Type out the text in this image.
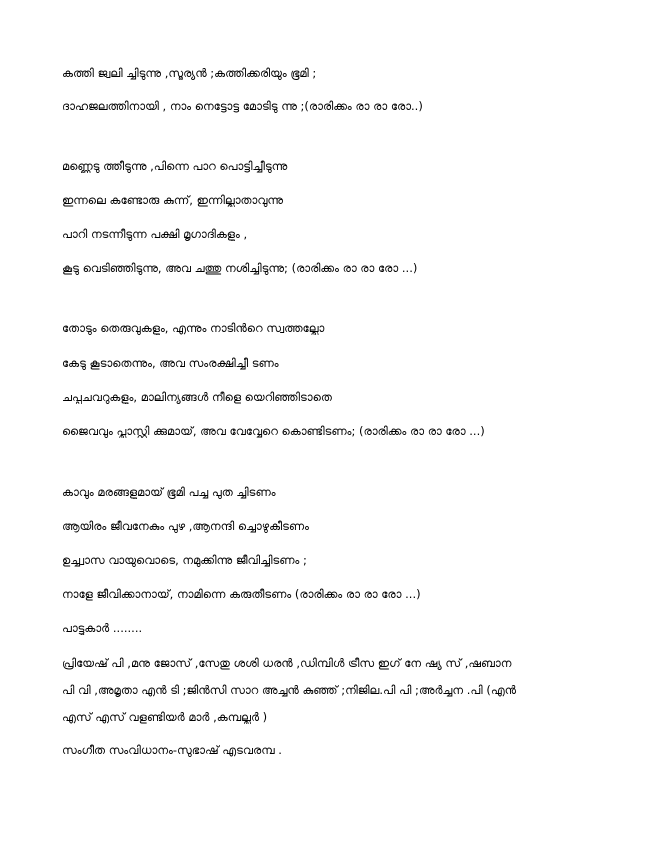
കത്തി ജ്വലി ച്ചിടുന്നു ,സൂര്യൻ ;കത്തിക്കരിയും ഭൂമി ;
ദാഹജലത്തിനായി , നാം നെട്ടോട്ട മോടിടു ന്നു ;(രാരിക്കം രാ രാ രോ..)
മണ്ണെടു ത്തീടുന്നു ,പിന്നെ പാറ പൊട്ടിച്ചീടുന്നു
ഇന്നലെ കണ്ടോരു കുന്ന്, ഇന്നില്ലാതാവുന്നു
പാറി നടന്നീടുന്ന പക്ഷി മൃഗാദികളും ,
കൂടു വെടിഞ്ഞിടുന്നു, അവ ചത്തു നശിച്ചിടുന്നു; (രാരിക്കം രാ രാ രോ ...)
തോടും തെരുവുകളും, എന്നും നാടിൻറെ സ്വത്തല്ലോ
കേടു കൂടാതെന്നും, അവ സംരക്ഷിച്ചീ ടണം
ചപ്പുചവറുകളും, മാലിന്യങ്ങൾ നീളെ യെറിഞ്ഞിടാതെ
ജൈവവും പ്ലാസ്റ്റി ക്കുമായ്, അവ വേവ്വേറെ കൊണ്ടിടണം; (രാരിക്കം രാ രാ രോ ...)
കാവും മരങ്ങളുമായ് ഭൂമി പച്ച പുത ച്ചിടണം
ആയിരം ജീവനേകും പുഴ ,ആനന്ദി ച്ചൊഴുകീടണം
ഉച്ച്വാസ വായുവൊടെ, നമുക്കിന്നു ജീവിച്ചിടണം ;
നാളേ ജീവിക്കാനായ്, നാമിന്നെ കരുതീടണം (രാരിക്കം രാ രാ രോ ...)
പാട്ടുകാർ ........
പ്രിയേഷ് പി ,മനു ജോസ് ,സേതു ശശി ധരൻ ,ഡിമ്പിൾ ട്രീസ ഇഗ് നേ ഷ്യ സ് ,ഷബാന
പി വി ,അമൃതാ എൻ ടി ;ജിൻസി സാറ അച്ചൻ കുഞ്ഞ് ;നിജില.പി പി ;അർച്ചന .പി (എൻ
എസ് എസ് വളണ്ടിയർ മാർ ,കമ്പല്ലൂർ )
സംഗീത സംവിധാനം-സുഭാഷ് എടവരമ്പ .
